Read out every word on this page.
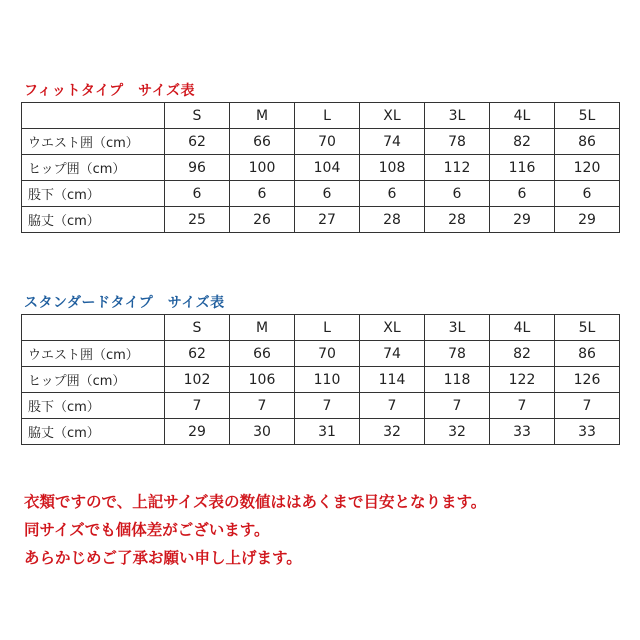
フィットタイプ　サイズ表
	S	M	L	XL	3L	4L	5L
ウエスト囲（cm）	62	66	70	74	78	82	86
ヒップ囲（cm）	96	100	104	108	112	116	120
股下（cm）	6	6	6	6	6	6	6
脇丈（cm）	25	26	27	28	28	29	29
スタンダードタイプ　サイズ表
	S	M	L	XL	3L	4L	5L
ウエスト囲（cm）	62	66	70	74	78	82	86
ヒップ囲（cm）	102	106	110	114	118	122	126
股下（cm）	7	7	7	7	7	7	7
脇丈（cm）	29	30	31	32	32	33	33
衣類ですので、上記サイズ表の数値ははあくまで目安となります。
同サイズでも個体差がございます。
あらかじめご了承お願い申し上げます。
